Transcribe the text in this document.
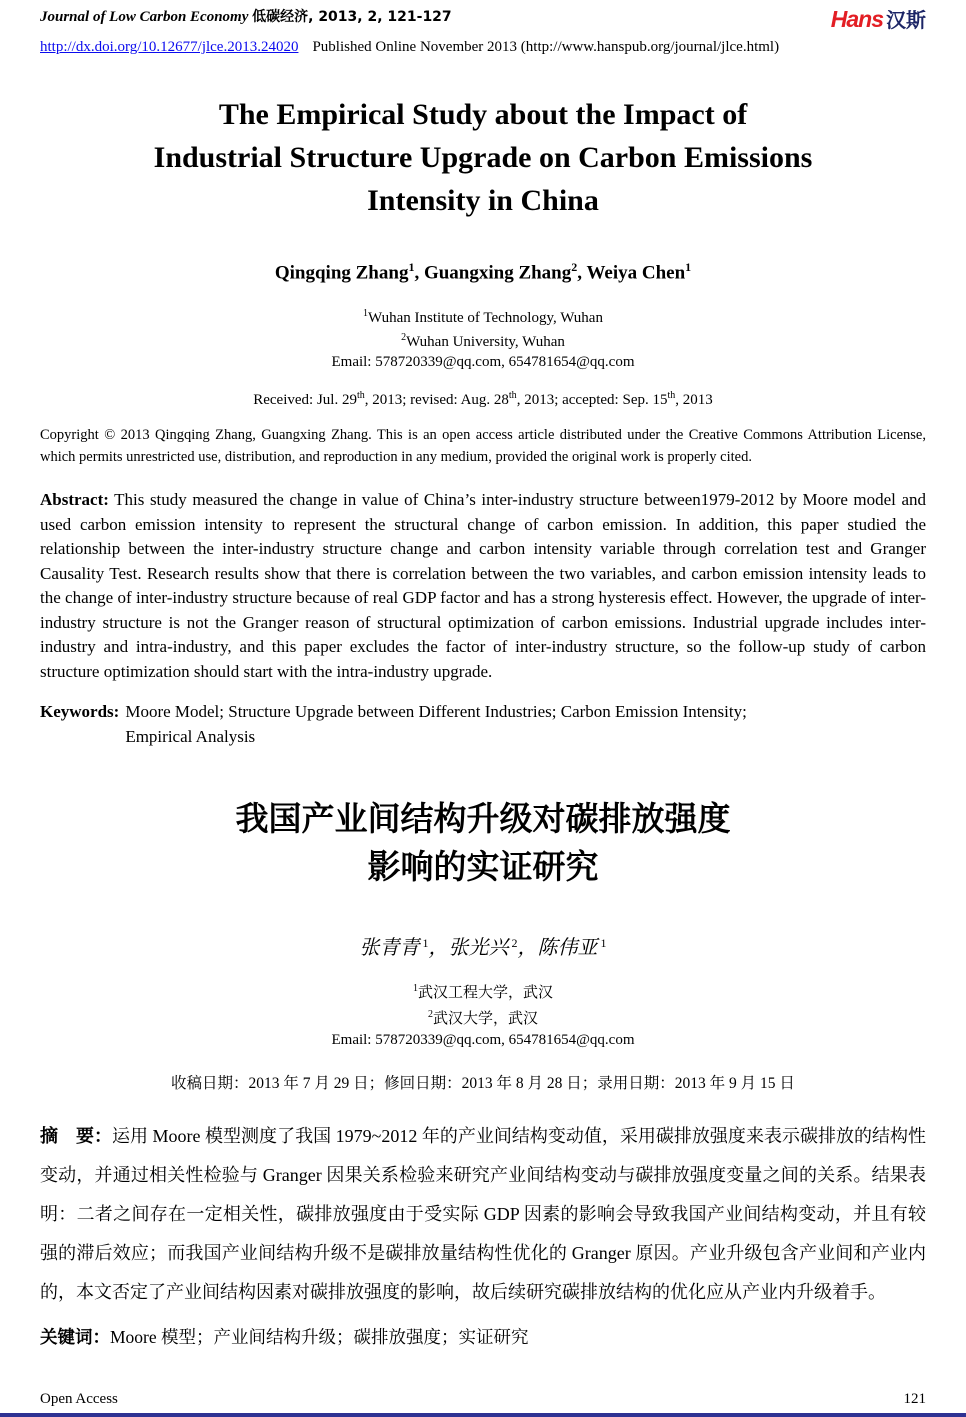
Journal of Low Carbon Economy 低碳经济, 2013, 2, 121-127	Hans 汉斯
http://dx.doi.org/10.12677/jlce.2013.24020 Published Online November 2013 (http://www.hanspub.org/journal/jlce.html)
The Empirical Study about the Impact of
Industrial Structure Upgrade on Carbon Emissions
Intensity in China
Qingqing Zhang$^1$, Guangxing Zhang$^2$, Weiya Chen$^1$
$^1$Wuhan Institute of Technology, Wuhan
$^2$Wuhan University, Wuhan
Email: 578720339@qq.com, 654781654@qq.com
Received: Jul. 29th, 2013; revised: Aug. 28th, 2013; accepted: Sep. 15th, 2013
Copyright © 2013 Qingqing Zhang, Guangxing Zhang. This is an open access article distributed under the Creative Commons Attribution License, which permits unrestricted use, distribution, and reproduction in any medium, provided the original work is properly cited.
Abstract: This study measured the change in value of China’s inter-industry structure between1979-2012 by Moore model and used carbon emission intensity to represent the structural change of carbon emission. In addition, this paper studied the relationship between the inter-industry structure change and carbon intensity variable through correlation test and Granger Causality Test. Research results show that there is correlation between the two variables, and carbon emission intensity leads to the change of inter-industry structure because of real GDP factor and has a strong hysteresis effect. However, the upgrade of inter-industry structure is not the Granger reason of structural optimization of carbon emissions. Industrial upgrade includes inter-industry and intra-industry, and this paper excludes the factor of inter-industry structure, so the follow-up study of carbon structure optimization should start with the intra-industry upgrade.
Keywords: Moore Model; Structure Upgrade between Different Industries; Carbon Emission Intensity;
Empirical Analysis
我国产业间结构升级对碳排放强度
影响的实证研究
张青青 $^1$，张光兴 $^2$，陈伟亚 $^1$
$^1$武汉工程大学，武汉
$^2$武汉大学，武汉
Email: 578720339@qq.com, 654781654@qq.com
收稿日期：2013 年 7 月 29 日；修回日期：2013 年 8 月 28 日；录用日期：2013 年 9 月 15 日
摘　要：运用 Moore 模型测度了我国 1979~2012 年的产业间结构变动值，采用碳排放强度来表示碳排放的结构性变动，并通过相关性检验与 Granger 因果关系检验来研究产业间结构变动与碳排放强度变量之间的关系。结果表明：二者之间存在一定相关性，碳排放强度由于受实际 GDP 因素的影响会导致我国产业间结构变动，并且有较强的滞后效应；而我国产业间结构升级不是碳排放量结构性优化的 Granger 原因。产业升级包含产业间和产业内的，本文否定了产业间结构因素对碳排放强度的影响，故后续研究碳排放结构的优化应从产业内升级着手。
关键词： Moore 模型；产业间结构升级；碳排放强度；实证研究
Open Access	121
